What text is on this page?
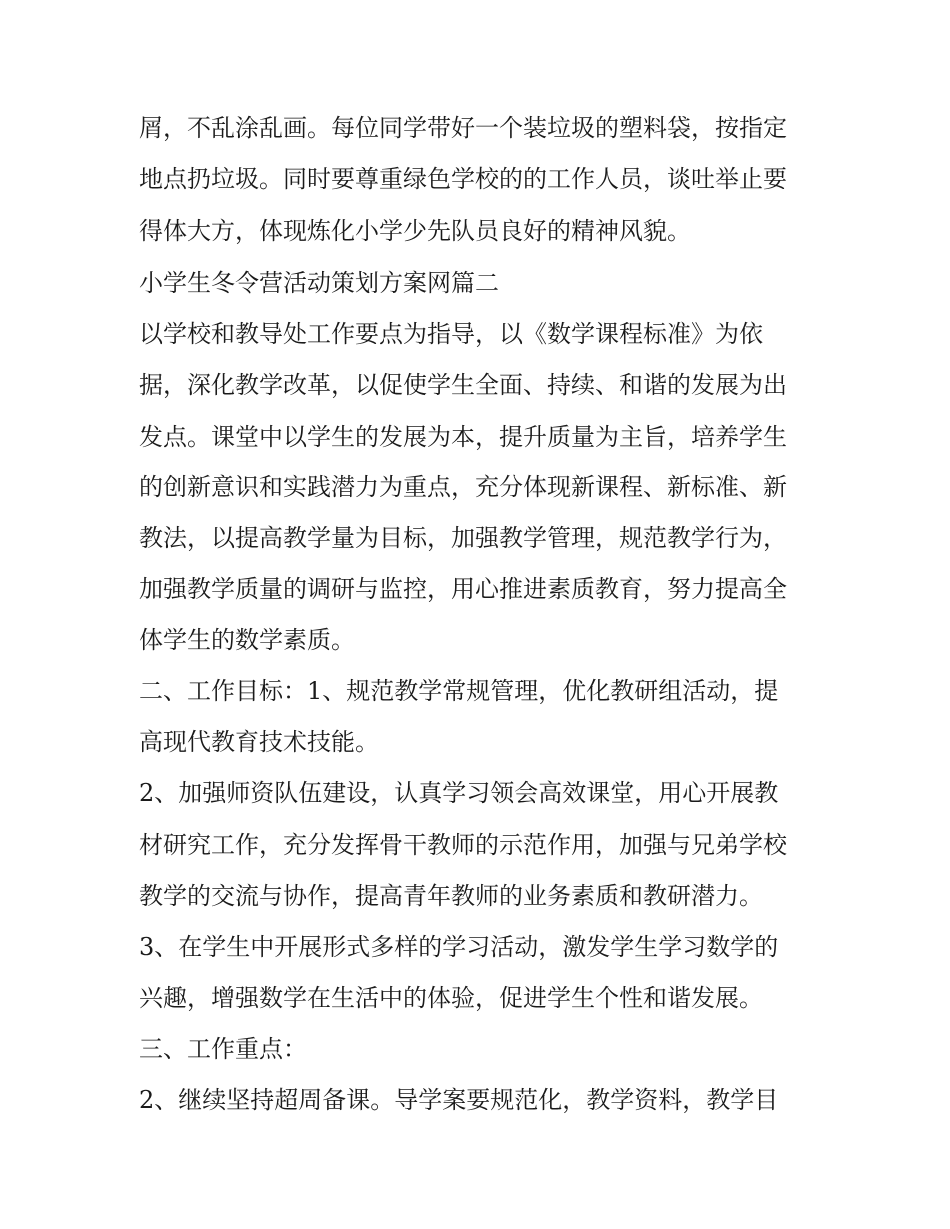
屑，不乱涂乱画。每位同学带好一个装垃圾的塑料袋，按指定
地点扔垃圾。同时要尊重绿色学校的的工作人员，谈吐举止要
得体大方，体现炼化小学少先队员良好的精神风貌。
小学生冬令营活动策划方案网篇二
以学校和教导处工作要点为指导，以《数学课程标准》为依
据，深化教学改革，以促使学生全面、持续、和谐的发展为出
发点。课堂中以学生的发展为本，提升质量为主旨，培养学生
的创新意识和实践潜力为重点，充分体现新课程、新标准、新
教法，以提高教学量为目标，加强教学管理，规范教学行为，
加强教学质量的调研与监控，用心推进素质教育，努力提高全
体学生的数学素质。
二、工作目标：1、规范教学常规管理，优化教研组活动，提
高现代教育技术技能。
2、加强师资队伍建设，认真学习领会高效课堂，用心开展教
材研究工作，充分发挥骨干教师的示范作用，加强与兄弟学校
教学的交流与协作，提高青年教师的业务素质和教研潜力。
3、在学生中开展形式多样的学习活动，激发学生学习数学的
兴趣，增强数学在生活中的体验，促进学生个性和谐发展。
三、工作重点：
2、继续坚持超周备课。导学案要规范化，教学资料，教学目
